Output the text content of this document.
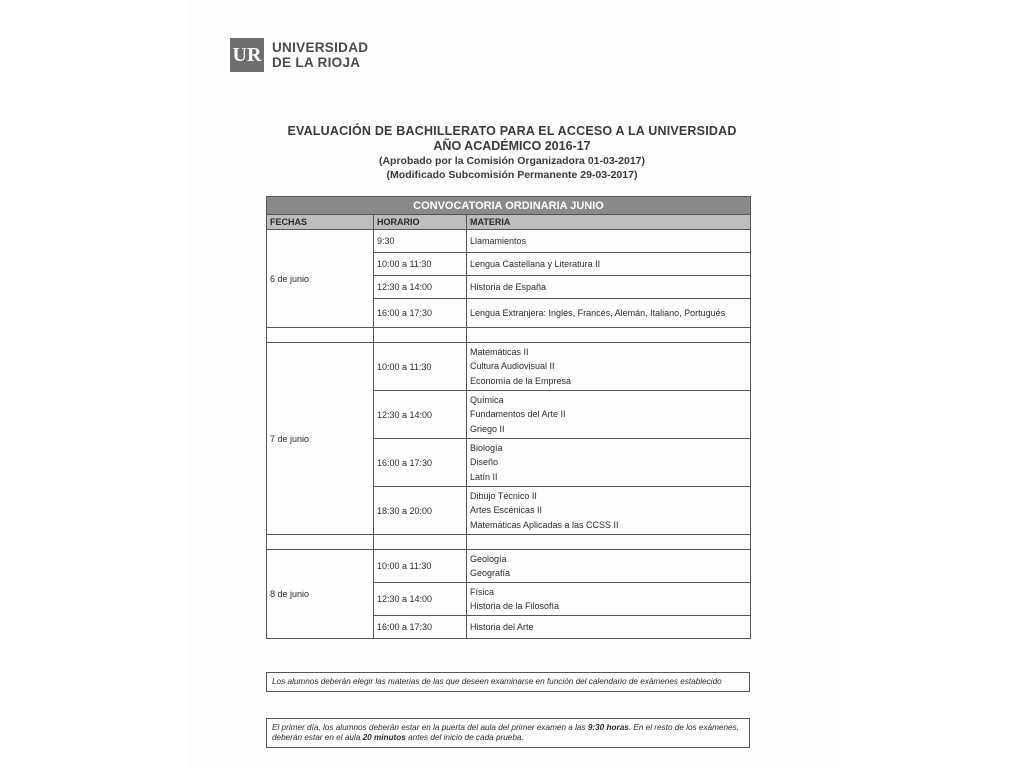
UR UNIVERSIDAD
DE LA RIOJA
EVALUACIÓN DE BACHILLERATO PARA EL ACCESO A LA UNIVERSIDAD
AÑO ACADÉMICO 2016-17
(Aprobado por la Comisión Organizadora 01-03-2017)
(Modificado Subcomisión Permanente 29-03-2017)
CONVOCATORIA ORDINARIA JUNIO		
FECHAS	HORARIO	MATERIA
6 de junio	9:30	Llamamientos

	10:00 a 11:30	Lengua Castellana y Literatura II

	12:30 a 14:00	Historia de España

	16:00 a 17:30	Lengua Extranjera: Inglés, Francés, Alemán, Italiano, Portugués

7 de junio	10:00 a 11:30	Matemáticas II
Cultura Audiovisual II
Economía de la Empresa

	12:30 a 14:00	Química
Fundamentos del Arte II
Griego II

	16:00 a 17:30	Biología
Diseño
Latín II

	18:30 a 20:00	Dibujo Técnico II
Artes Escénicas II
Matemáticas Aplicadas a las CCSS II

8 de junio	10:00 a 11:30	Geología
Geografía

	12:30 a 14:00	Física
Historia de la Filosofía

	16:00 a 17:30	Historia del Arte
Los alumnos deberán elegir las materias de las que deseen examinarse en función del calendario de exámenes establecido
El primer día, los alumnos deberán estar en la puerta del aula del primer examen a las 9:30 horas. En el resto de los exámenes, deberán estar en el aula 20 minutos antes del inicio de cada prueba.
